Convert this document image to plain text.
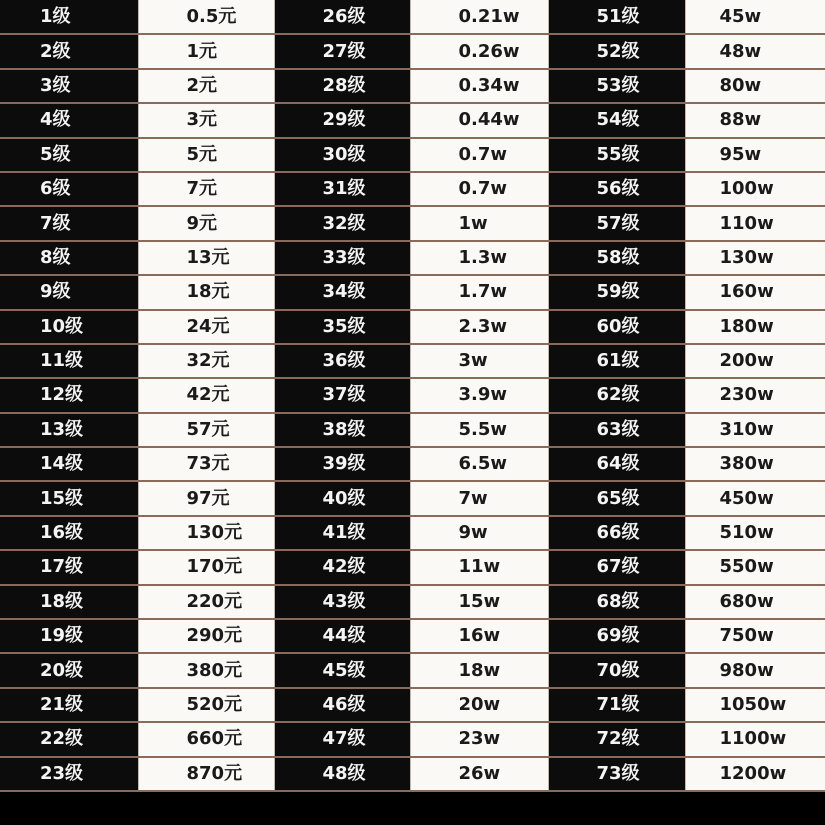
1级	0.5元	26级	0.21w	51级	45w
2级	1元	27级	0.26w	52级	48w
3级	2元	28级	0.34w	53级	80w
4级	3元	29级	0.44w	54级	88w
5级	5元	30级	0.7w	55级	95w
6级	7元	31级	0.7w	56级	100w
7级	9元	32级	1w	57级	110w
8级	13元	33级	1.3w	58级	130w
9级	18元	34级	1.7w	59级	160w
10级	24元	35级	2.3w	60级	180w
11级	32元	36级	3w	61级	200w
12级	42元	37级	3.9w	62级	230w
13级	57元	38级	5.5w	63级	310w
14级	73元	39级	6.5w	64级	380w
15级	97元	40级	7w	65级	450w
16级	130元	41级	9w	66级	510w
17级	170元	42级	11w	67级	550w
18级	220元	43级	15w	68级	680w
19级	290元	44级	16w	69级	750w
20级	380元	45级	18w	70级	980w
21级	520元	46级	20w	71级	1050w
22级	660元	47级	23w	72级	1100w
23级	870元	48级	26w	73级	1200w
